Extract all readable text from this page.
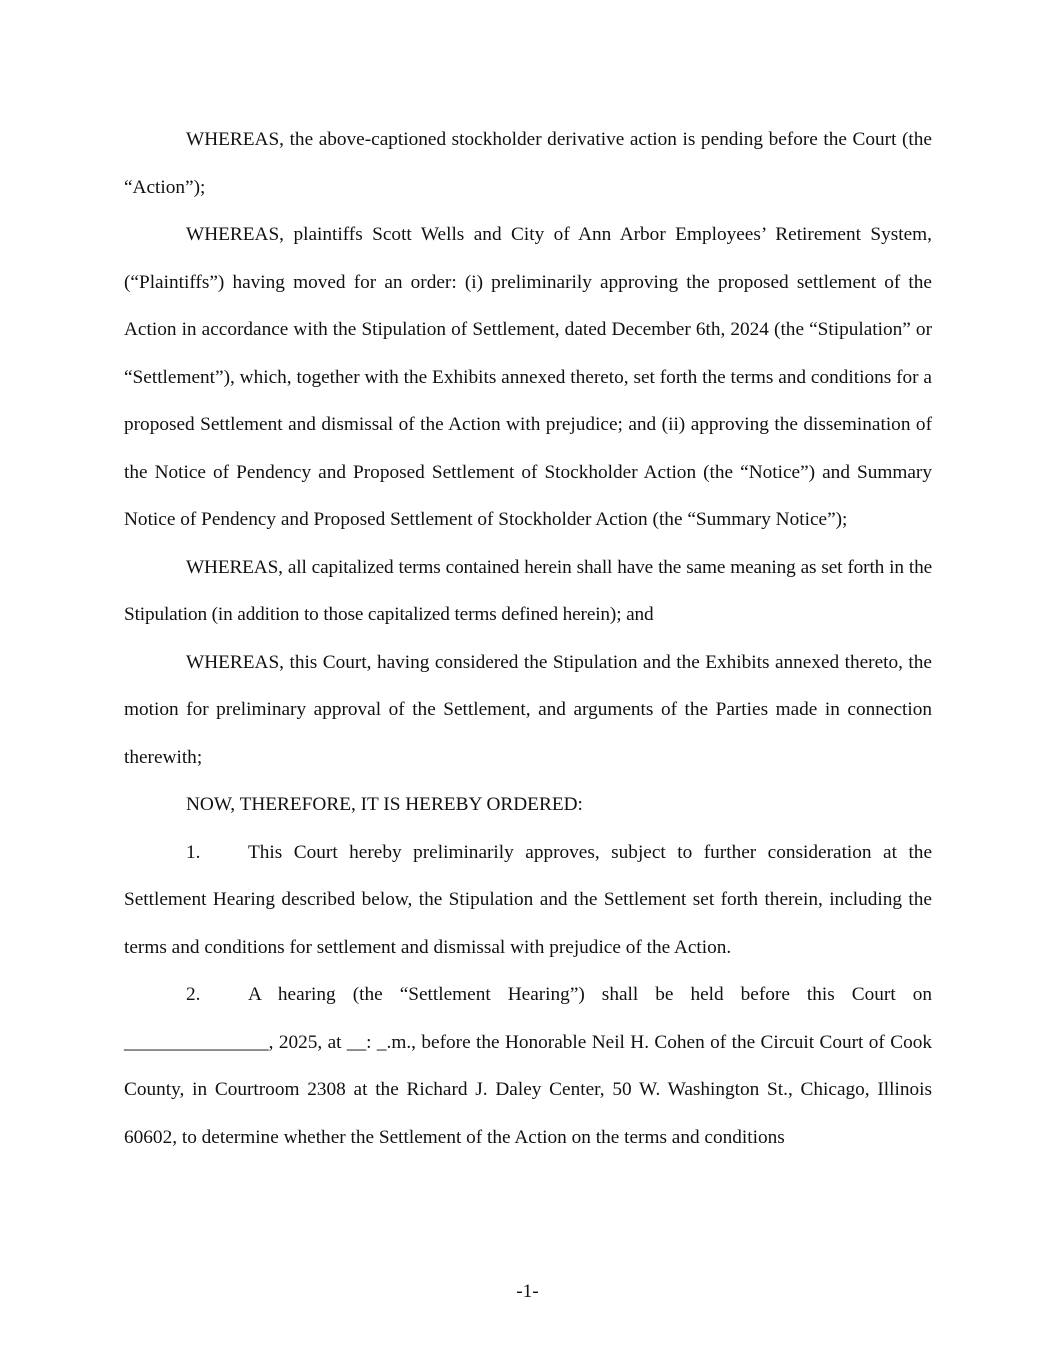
WHEREAS, the above-captioned stockholder derivative action is pending before the Court (the “Action”);

WHEREAS, plaintiffs Scott Wells and City of Ann Arbor Employees’ Retirement System, (“Plaintiffs”) having moved for an order: (i) preliminarily approving the proposed settlement of the Action in accordance with the Stipulation of Settlement, dated December 6th, 2024 (the “Stipulation” or “Settlement”), which, together with the Exhibits annexed thereto, set forth the terms and conditions for a proposed Settlement and dismissal of the Action with prejudice; and (ii) approving the dissemination of the Notice of Pendency and Proposed Settlement of Stockholder Action (the “Notice”) and Summary Notice of Pendency and Proposed Settlement of Stockholder Action (the “Summary Notice”);

WHEREAS, all capitalized terms contained herein shall have the same meaning as set forth in the Stipulation (in addition to those capitalized terms defined herein); and

WHEREAS, this Court, having considered the Stipulation and the Exhibits annexed thereto, the motion for preliminary approval of the Settlement, and arguments of the Parties made in connection therewith;

NOW, THEREFORE, IT IS HEREBY ORDERED:

1. This Court hereby preliminarily approves, subject to further consideration at the Settlement Hearing described below, the Stipulation and the Settlement set forth therein, including the terms and conditions for settlement and dismissal with prejudice of the Action.

2. A hearing (the “Settlement Hearing”) shall be held before this Court on _______________, 2025, at __: _.m., before the Honorable Neil H. Cohen of the Circuit Court of Cook County, in Courtroom 2308 at the Richard J. Daley Center, 50 W. Washington St., Chicago, Illinois 60602, to determine whether the Settlement of the Action on the terms and conditions

-1-
